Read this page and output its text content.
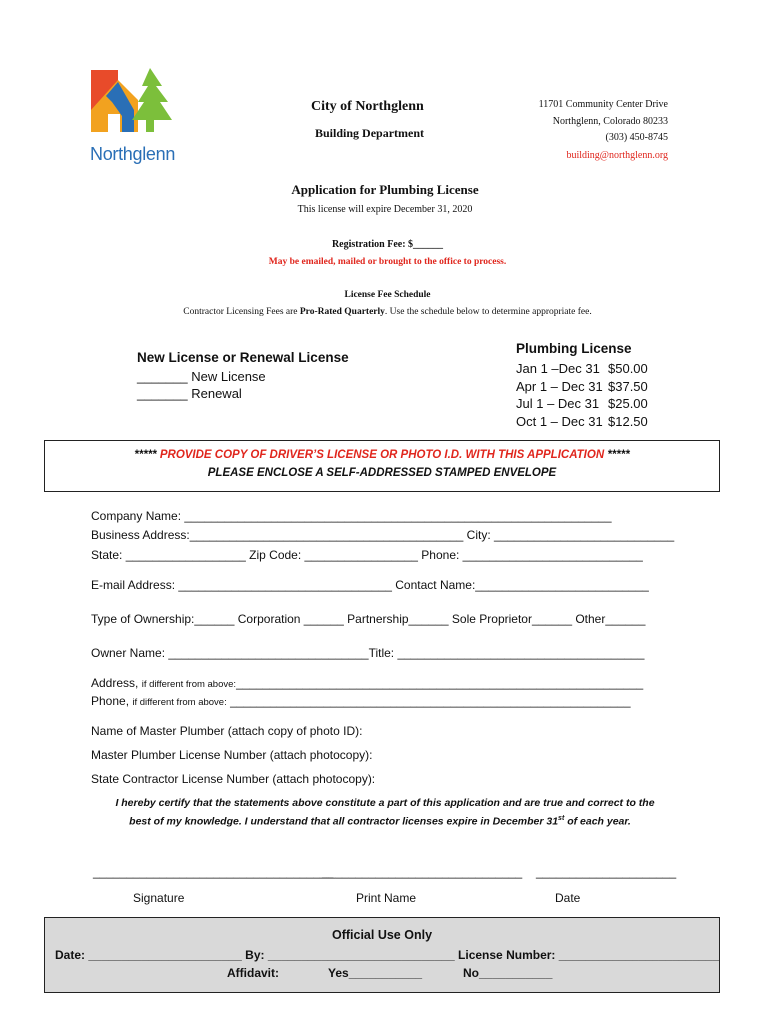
Northglenn
City of Northglenn
Building Department
11701 Community Center Drive
Northglenn, Colorado 80233
(303) 450-8745
building@northglenn.org
Application for Plumbing License
This license will expire December 31, 2020
Registration Fee: $______
May be emailed, mailed or brought to the office to process.
License Fee Schedule
Contractor Licensing Fees are Pro-Rated Quarterly. Use the schedule below to determine appropriate fee.
New License or Renewal License
_______ New License
_______ Renewal
Plumbing License
Jan 1 –Dec 31	$50.00
Apr 1 – Dec 31	$37.50
Jul 1 – Dec 31	$25.00
Oct 1 – Dec 31	$12.50
***** PROVIDE COPY OF DRIVER’S LICENSE OR PHOTO I.D. WITH THIS APPLICATION *****
PLEASE ENCLOSE A SELF-ADDRESSED STAMPED ENVELOPE
Company Name: ________________________________________________________________
Business Address:_________________________________________ City: ___________________________
State: __________________ Zip Code: _________________ Phone: ___________________________
E-mail Address: ________________________________ Contact Name:__________________________
Type of Ownership:______ Corporation ______ Partnership______ Sole Proprietor______ Other______
Owner Name: ______________________________Title: _____________________________________
Address, if different from above:_____________________________________________________________
Phone, if different from above: ____________________________________________________________
Name of Master Plumber (attach copy of photo ID):
Master Plumber License Number (attach photocopy):
State Contractor License Number (attach photocopy):
I hereby certify that the statements above constitute a part of this application and are true and correct to the
best of my knowledge. I understand that all contractor licenses expire in December 31st of each year.
____________________________________
______________________________ _____________________
Signature	Print Name	Date
Official Use Only
Date: _______________________ By: ____________________________ License Number: ________________________
Affidavit:	Yes___________	No___________
